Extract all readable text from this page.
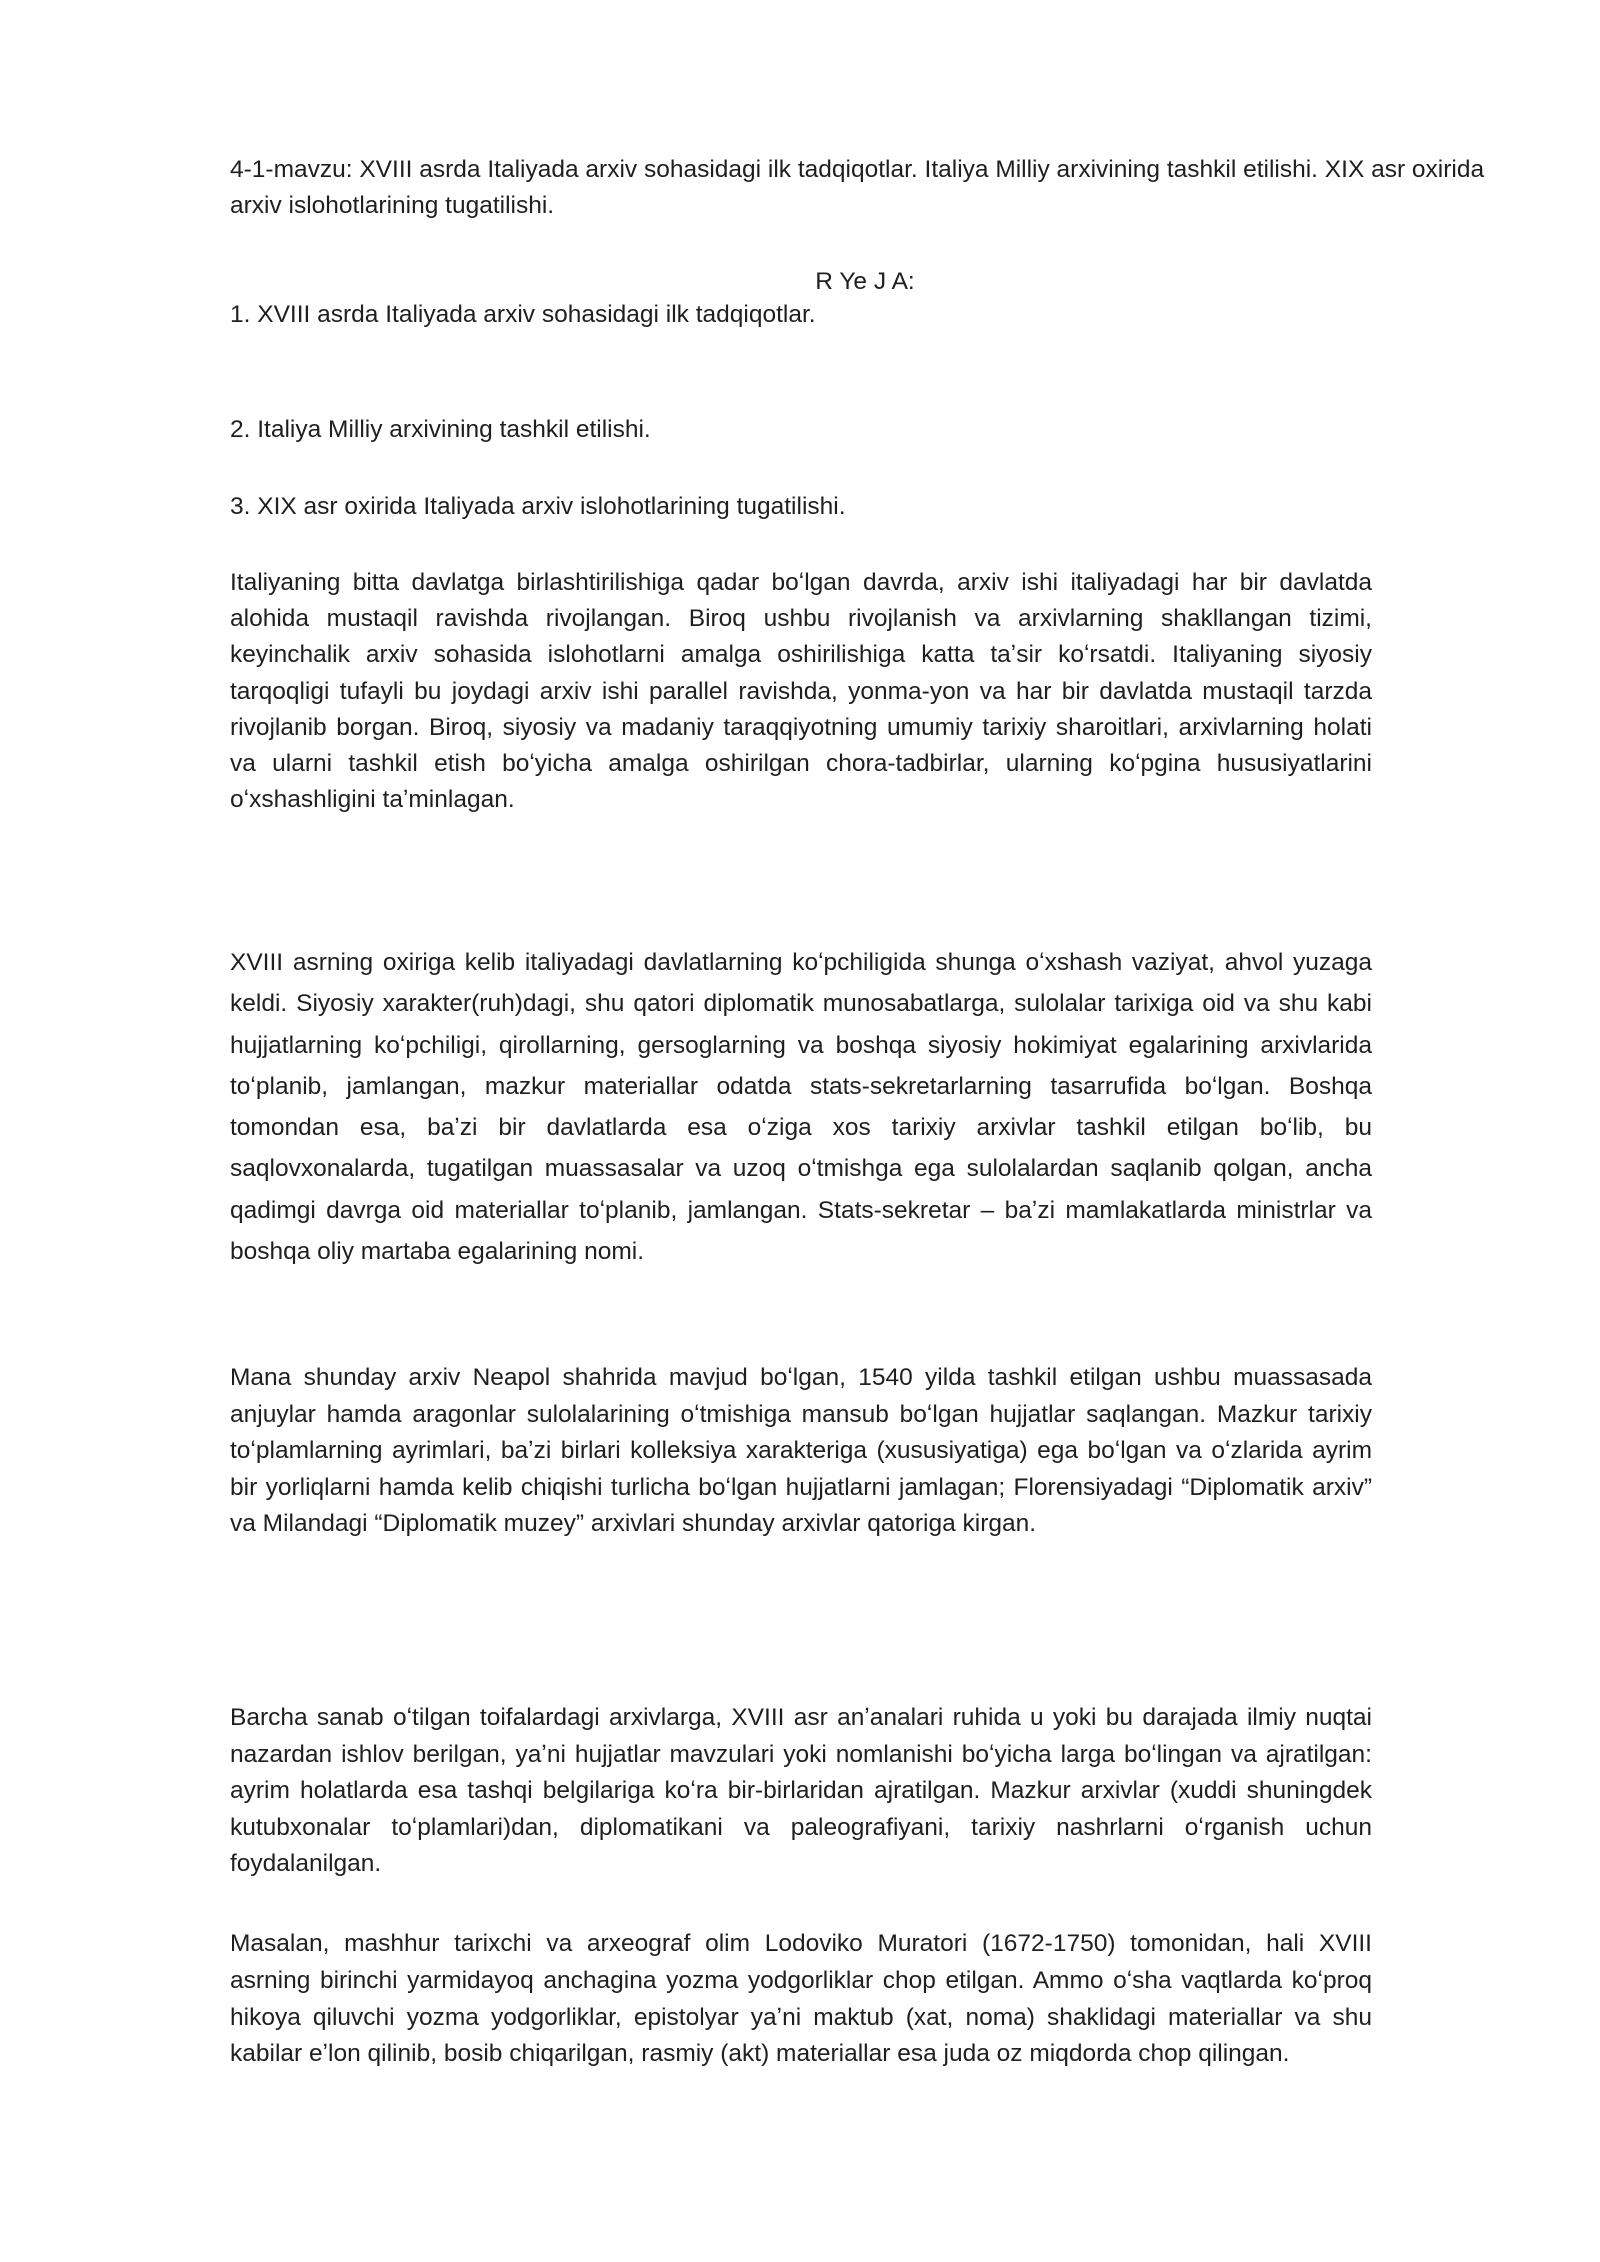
4-1-mavzu: XVIII asrda Italiyada arxiv sohasidagi ilk tadqiqotlar. Italiya Milliy arxivining tashkil etilishi. XIX asr oxirida arxiv islohotlarining tugatilishi.

R Ye J A:

1. XVIII asrda Italiyada arxiv sohasidagi ilk tadqiqotlar.

2. Italiya Milliy arxivining tashkil etilishi.

3. XIX asr oxirida Italiyada arxiv islohotlarining tugatilishi.

Italiyaning bitta davlatga birlashtirilishiga qadar boʻlgan davrda, arxiv ishi italiyadagi har bir davlatda alohida mustaqil ravishda rivojlangan. Biroq ushbu rivojlanish va arxivlarning shakllangan tizimi, keyinchalik arxiv sohasida islohotlarni amalga oshirilishiga katta taʼsir koʻrsatdi. Italiyaning siyosiy tarqoqligi tufayli bu joydagi arxiv ishi parallel ravishda, yonma-yon va har bir davlatda mustaqil tarzda rivojlanib borgan. Biroq, siyosiy va madaniy taraqqiyotning umumiy tarixiy sharoitlari, arxivlarning holati va ularni tashkil etish boʻyicha amalga oshirilgan chora-tadbirlar, ularning koʻpgina hususiyatlarini oʻxshashligini taʼminlagan.

XVIII asrning oxiriga kelib italiyadagi davlatlarning koʻpchiligida shunga oʻxshash vaziyat, ahvol yuzaga keldi. Siyosiy xarakter(ruh)dagi, shu qatori diplomatik munosabatlarga, sulolalar tarixiga oid va shu kabi hujjatlarning koʻpchiligi, qirollarning, gersoglarning va boshqa siyosiy hokimiyat egalarining arxivlarida toʻplanib, jamlangan, mazkur materiallar odatda stats-sekretarlarning tasarrufida boʻlgan. Boshqa tomondan esa, baʼzi bir davlatlarda esa oʻziga xos tarixiy arxivlar tashkil etilgan boʻlib, bu saqlovxonalarda, tugatilgan muassasalar va uzoq oʻtmishga ega sulolalardan saqlanib qolgan, ancha qadimgi davrga oid materiallar toʻplanib, jamlangan. Stats-sekretar – baʼzi mamlakatlarda ministrlar va boshqa oliy martaba egalarining nomi.

Mana shunday arxiv Neapol shahrida mavjud boʻlgan, 1540 yilda tashkil etilgan ushbu muassasada anjuylar hamda aragonlar sulolalarining oʻtmishiga mansub boʻlgan hujjatlar saqlangan. Mazkur tarixiy toʻplamlarning ayrimlari, baʼzi birlari kolleksiya xarakteriga (xususiyatiga) ega boʻlgan va oʻzlarida ayrim bir yorliqlarni hamda kelib chiqishi turlicha boʻlgan hujjatlarni jamlagan; Florensiyadagi “Diplomatik arxiv” va Milandagi “Diplomatik muzey” arxivlari shunday arxivlar qatoriga kirgan.

Barcha sanab oʻtilgan toifalardagi arxivlarga, XVIII asr anʼanalari ruhida u yoki bu darajada ilmiy nuqtai nazardan ishlov berilgan, yaʼni hujjatlar mavzulari yoki nomlanishi boʻyicha larga boʻlingan va ajratilgan: ayrim holatlarda esa tashqi belgilariga koʻra bir-birlaridan ajratilgan. Mazkur arxivlar (xuddi shuningdek kutubxonalar toʻplamlari)dan, diplomatikani va paleografiyani, tarixiy nashrlarni oʻrganish uchun foydalanilgan.

Masalan, mashhur tarixchi va arxeograf olim Lodoviko Muratori (1672-1750) tomonidan, hali XVIII asrning birinchi yarmidayoq anchagina yozma yodgorliklar chop etilgan. Ammo oʻsha vaqtlarda koʻproq hikoya qiluvchi yozma yodgorliklar, epistolyar yaʼni maktub (xat, noma) shaklidagi materiallar va shu kabilar eʼlon qilinib, bosib chiqarilgan, rasmiy (akt) materiallar esa juda oz miqdorda chop qilingan.
